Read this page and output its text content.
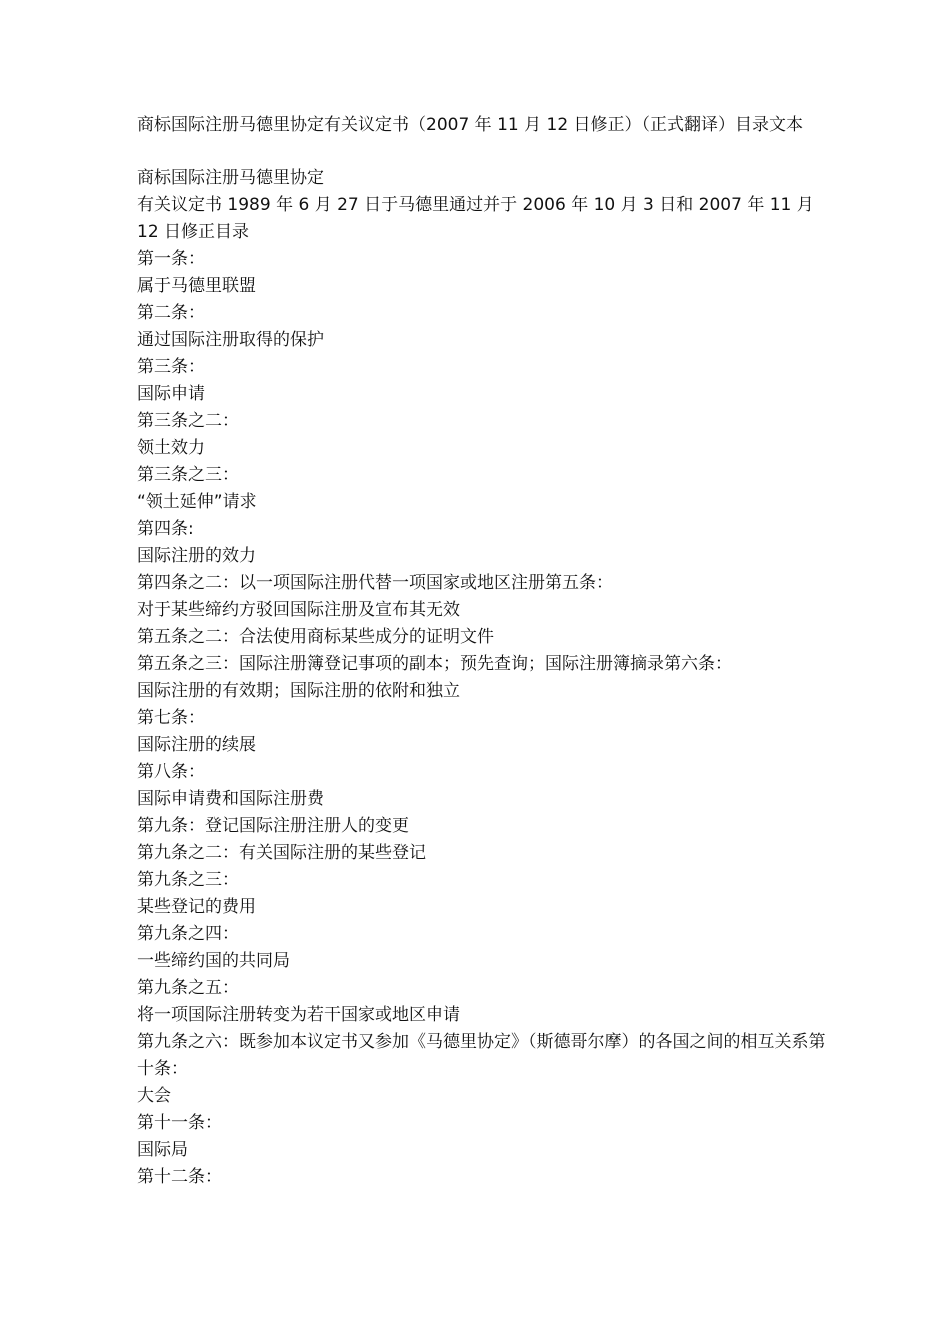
商标国际注册马德里协定有关议定书（2007 年 11 月 12 日修正）（正式翻译）目录文本

商标国际注册马德里协定

有关议定书 1989 年 6 月 27 日于马德里通过并于 2006 年 10 月 3 日和 2007 年 11 月 12 日修正目录

第一条：

属于马德里联盟

第二条：

通过国际注册取得的保护

第三条：

国际申请

第三条之二：

领土效力

第三条之三：

“领土延伸”请求

第四条:

国际注册的效力

第四条之二：以一项国际注册代替一项国家或地区注册第五条：

对于某些缔约方驳回国际注册及宣布其无效

第五条之二：合法使用商标某些成分的证明文件

第五条之三：国际注册簿登记事项的副本；预先查询；国际注册簿摘录第六条：

国际注册的有效期；国际注册的依附和独立

第七条：

国际注册的续展

第八条：

国际申请费和国际注册费

第九条：登记国际注册注册人的变更

第九条之二：有关国际注册的某些登记

第九条之三：

某些登记的费用

第九条之四：

一些缔约国的共同局

第九条之五：

将一项国际注册转变为若干国家或地区申请

第九条之六：既参加本议定书又参加《马德里协定》（斯德哥尔摩）的各国之间的相互关系第十条：

大会

第十一条：

国际局

第十二条：
